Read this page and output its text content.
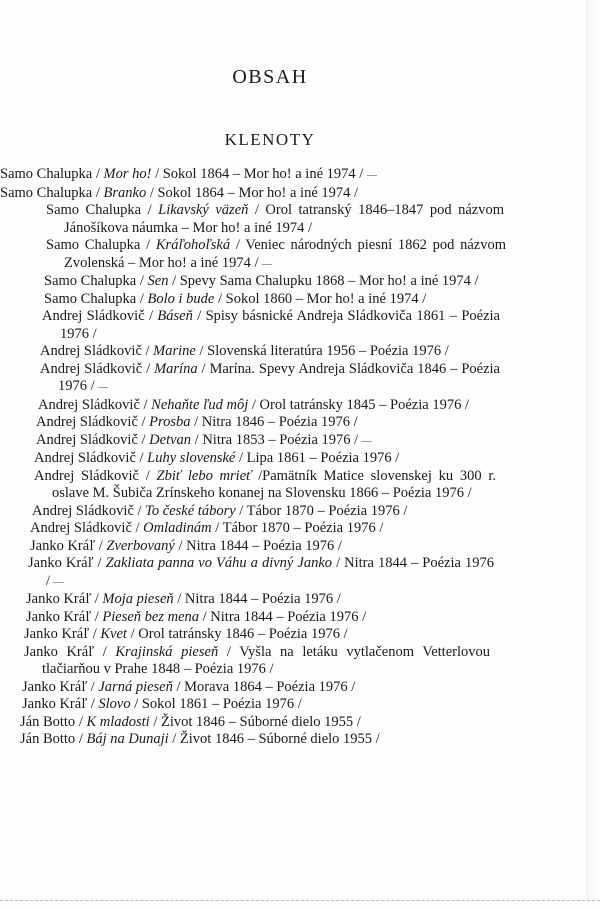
OBSAH
KLENOTY
Samo Chalupka / Mor ho! / Sokol 1864 – Mor ho! a iné 1974 / —
Samo Chalupka / Branko / Sokol 1864 – Mor ho! a iné 1974 /
Samo Chalupka / Likavský väzeň / Orol tatranský 1846–1847 pod názvom Jánošíkova náumka – Mor ho! a iné 1974 /
Samo Chalupka / Kráľohoľská / Veniec národných piesní 1862 pod názvom Zvolenská – Mor ho! a iné 1974 / —
Samo Chalupka / Sen / Spevy Sama Chalupku 1868 – Mor ho! a iné 1974 /
Samo Chalupka / Bolo i bude / Sokol 1860 – Mor ho! a iné 1974 /
Andrej Sládkovič / Báseň / Spisy básnické Andreja Sládkoviča 1861 – Poézia 1976 /
Andrej Sládkovič / Marine / Slovenská literatúra 1956 – Poézia 1976 /
Andrej Sládkovič / Marína / Marína. Spevy Andreja Sládkoviča 1846 – Poézia 1976 / —
Andrej Sládkovič / Nehaňte ľud môj / Orol tatránsky 1845 – Poézia 1976 /
Andrej Sládkovič / Prosba / Nitra 1846 – Poézia 1976 /
Andrej Sládkovič / Detvan / Nitra 1853 – Poézia 1976 / —
Andrej Sládkovič / Luhy slovenské / Lipa 1861 – Poézia 1976 /
Andrej Sládkovič / Zbiť lebo mrieť /Pamätník Matice slovenskej ku 300 r. oslave M. Šubiča Zrínskeho konanej na Slovensku 1866 – Poézia 1976 /
Andrej Sládkovič / To české tábory / Tábor 1870 – Poézia 1976 /
Andrej Sládkovič / Omladinám / Tábor 1870 – Poézia 1976 /
Janko Kráľ / Zverbovaný / Nitra 1844 – Poézia 1976 /
Janko Kráľ / Zakliata panna vo Váhu a divný Janko / Nitra 1844 – Poézia 1976 / —
Janko Kráľ / Moja pieseň / Nitra 1844 – Poézia 1976 /
Janko Kráľ / Pieseň bez mena / Nitra 1844 – Poézia 1976 /
Janko Kráľ / Kvet / Orol tatránsky 1846 – Poézia 1976 /
Janko Kráľ / Krajinská pieseň / Vyšla na letáku vytlačenom Vetterlovou tlačiarňou v Prahe 1848 – Poézia 1976 /
Janko Kráľ / Jarná pieseň / Morava 1864 – Poézia 1976 /
Janko Kráľ / Slovo / Sokol 1861 – Poézia 1976 /
Ján Botto / K mladosti / Život 1846 – Súborné dielo 1955 /
Ján Botto / Báj na Dunaji / Život 1846 – Súborné dielo 1955 /
